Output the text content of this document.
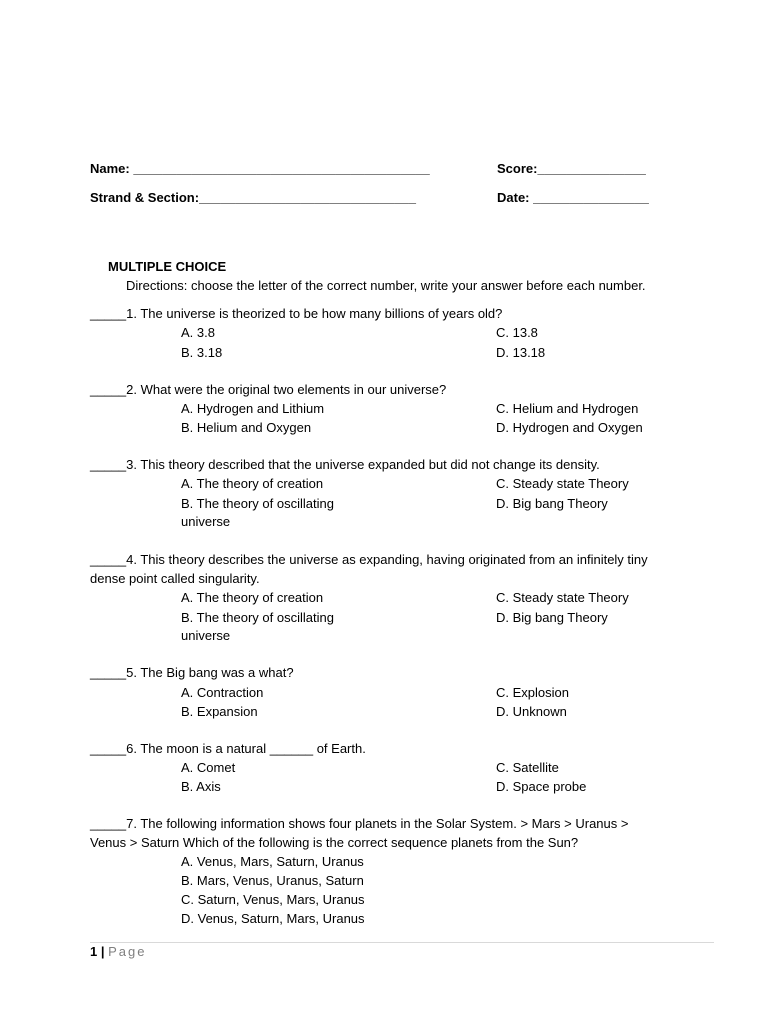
Name: _________________________________________	Score:_______________
Strand & Section:______________________________	Date: ________________
MULTIPLE CHOICE
Directions: choose the letter of the correct number, write your answer before each number.
_____1. The universe is theorized to be how many billions of years old?
A. 3.8
B. 3.18
C. 13.8
D. 13.18
_____2. What were the original two elements in our universe?
A. Hydrogen and Lithium
B. Helium and Oxygen
C. Helium and Hydrogen
D. Hydrogen and Oxygen
_____3. This theory described that the universe expanded but did not change its density.
A. The theory of creation
B. The theory of oscillating
universe
C. Steady state Theory
D. Big bang Theory
_____4. This theory describes the universe as expanding, having originated from an infinitely tiny
dense point called singularity.
A. The theory of creation
B. The theory of oscillating
universe
C. Steady state Theory
D. Big bang Theory
_____5. The Big bang was a what?
A. Contraction
B. Expansion
C. Explosion
D. Unknown
_____6. The moon is a natural ______ of Earth.
A. Comet
B. Axis
C. Satellite
D. Space probe
_____7. The following information shows four planets in the Solar System. > Mars > Uranus >
Venus > Saturn Which of the following is the correct sequence planets from the Sun?
A. Venus, Mars, Saturn, Uranus
B. Mars, Venus, Uranus, Saturn
C. Saturn, Venus, Mars, Uranus
D. Venus, Saturn, Mars, Uranus
1 | Page
